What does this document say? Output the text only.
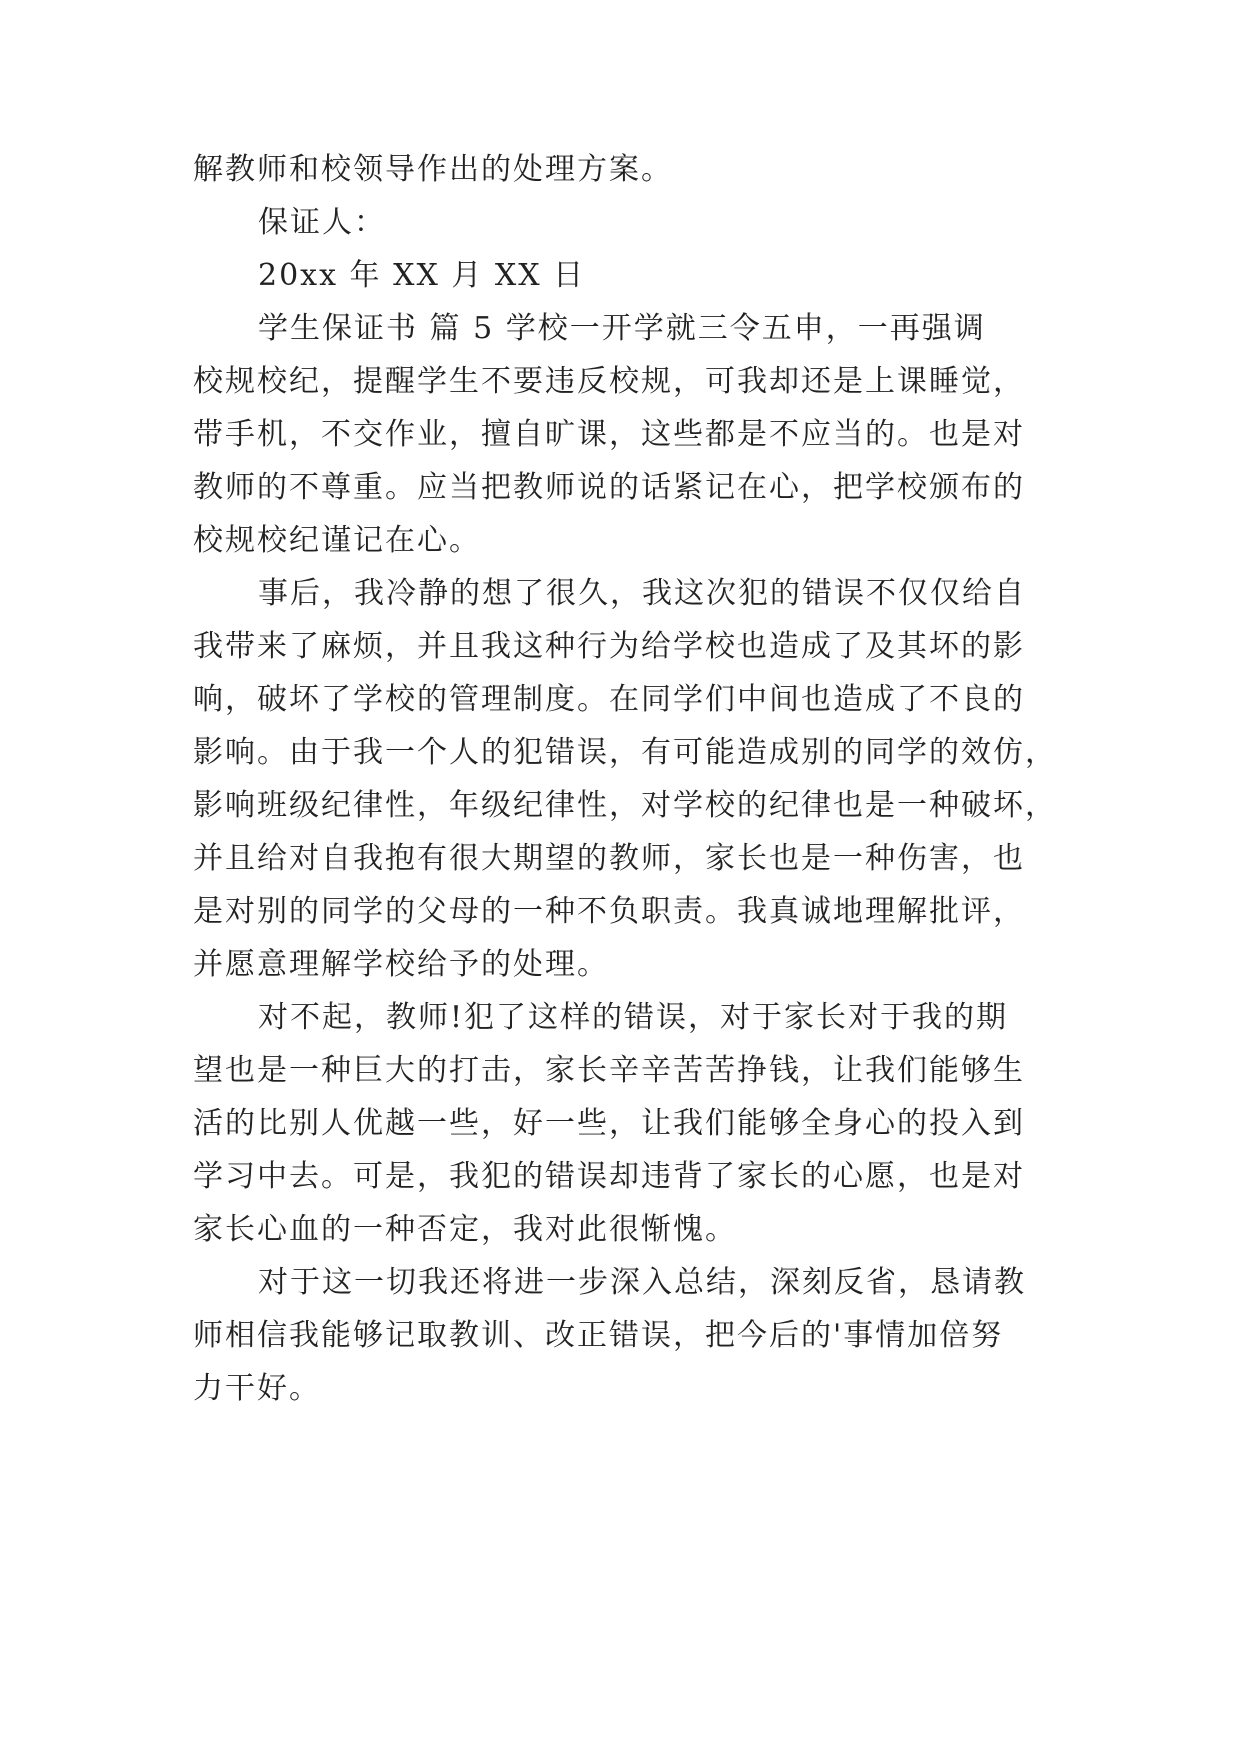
解教师和校领导作出的处理方案。
保证人：
20xx 年 XX 月 XX 日
学生保证书 篇 5 学校一开学就三令五申，一再强调
校规校纪，提醒学生不要违反校规，可我却还是上课睡觉，
带手机，不交作业，擅自旷课，这些都是不应当的。也是对
教师的不尊重。应当把教师说的话紧记在心，把学校颁布的
校规校纪谨记在心。
事后，我冷静的想了很久，我这次犯的错误不仅仅给自
我带来了麻烦，并且我这种行为给学校也造成了及其坏的影
响，破坏了学校的管理制度。在同学们中间也造成了不良的
影响。由于我一个人的犯错误，有可能造成别的同学的效仿，
影响班级纪律性，年级纪律性，对学校的纪律也是一种破坏，
并且给对自我抱有很大期望的教师，家长也是一种伤害，也
是对别的同学的父母的一种不负职责。我真诚地理解批评，
并愿意理解学校给予的处理。
对不起，教师!犯了这样的错误，对于家长对于我的期
望也是一种巨大的打击，家长辛辛苦苦挣钱，让我们能够生
活的比别人优越一些，好一些，让我们能够全身心的投入到
学习中去。可是，我犯的错误却违背了家长的心愿，也是对
家长心血的一种否定，我对此很惭愧。
对于这一切我还将进一步深入总结，深刻反省，恳请教
师相信我能够记取教训、改正错误，把今后的'事情加倍努
力干好。
